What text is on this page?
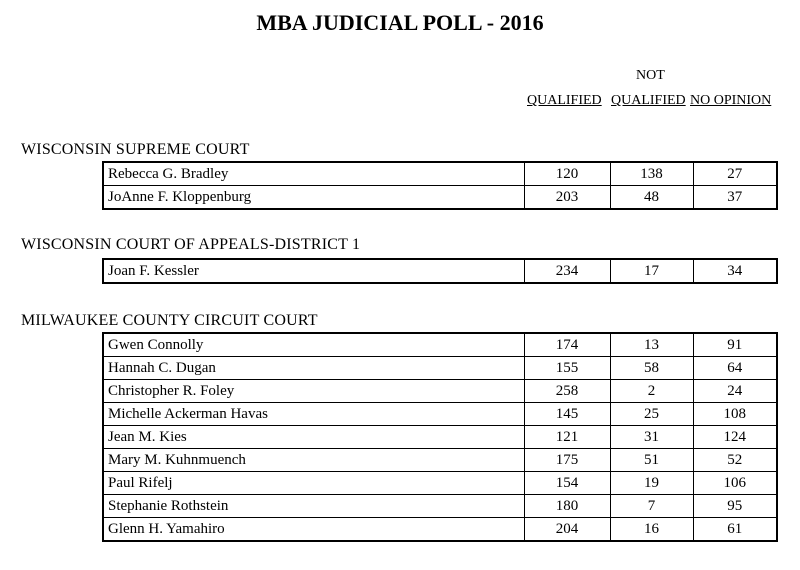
MBA JUDICIAL POLL - 2016
NOT
QUALIFIED QUALIFIED NO OPINION
WISCONSIN SUPREME COURT
Rebecca G. Bradley	120	138	27
JoAnne F. Kloppenburg	203	48	37
WISCONSIN COURT OF APPEALS-DISTRICT 1
Joan F. Kessler	234	17	34
MILWAUKEE COUNTY CIRCUIT COURT
Gwen Connolly	174	13	91
Hannah C. Dugan	155	58	64
Christopher R. Foley	258	2	24
Michelle Ackerman Havas	145	25	108
Jean M. Kies	121	31	124
Mary M. Kuhnmuench	175	51	52
Paul Rifelj	154	19	106
Stephanie Rothstein	180	7	95
Glenn H. Yamahiro	204	16	61
